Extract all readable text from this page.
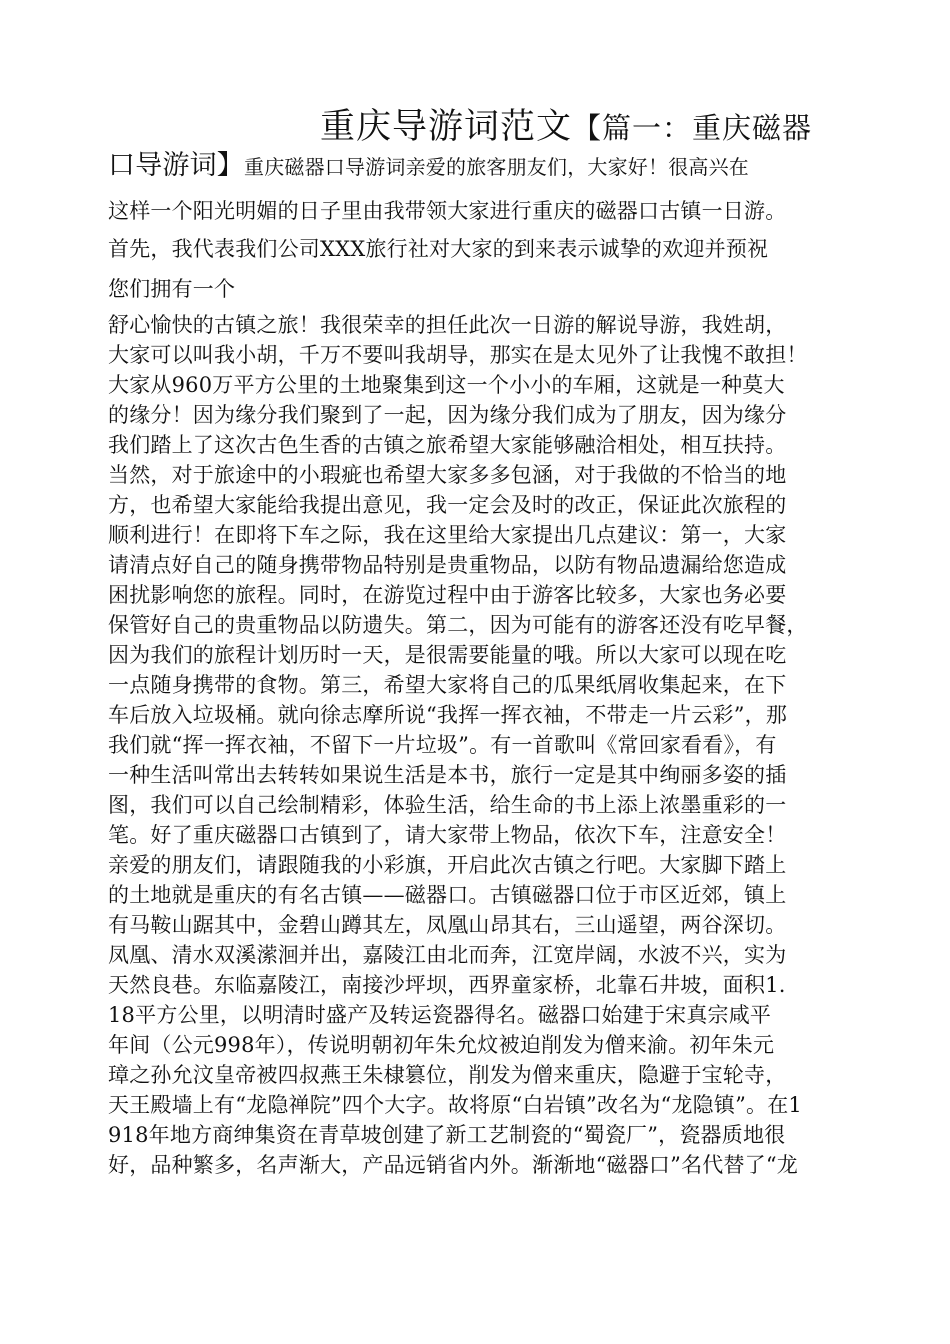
重庆导游词范文【篇一：重庆磁器
口导游词】重庆磁器口导游词亲爱的旅客朋友们，大家好！很高兴在
这样一个阳光明媚的日子里由我带领大家进行重庆的磁器口古镇一日游。
首先，我代表我们公司XXX旅行社对大家的到来表示诚挚的欢迎并预祝
您们拥有一个
舒心愉快的古镇之旅！我很荣幸的担任此次一日游的解说导游，我姓胡，
大家可以叫我小胡，千万不要叫我胡导，那实在是太见外了让我愧不敢担！
大家从960万平方公里的土地聚集到这一个小小的车厢，这就是一种莫大
的缘分！因为缘分我们聚到了一起，因为缘分我们成为了朋友，因为缘分
我们踏上了这次古色生香的古镇之旅希望大家能够融洽相处，相互扶持。
当然，对于旅途中的小瑕疵也希望大家多多包涵，对于我做的不恰当的地
方，也希望大家能给我提出意见，我一定会及时的改正，保证此次旅程的
顺利进行！在即将下车之际，我在这里给大家提出几点建议：第一，大家
请清点好自己的随身携带物品特别是贵重物品，以防有物品遗漏给您造成
困扰影响您的旅程。同时，在游览过程中由于游客比较多，大家也务必要
保管好自己的贵重物品以防遗失。第二，因为可能有的游客还没有吃早餐，
因为我们的旅程计划历时一天，是很需要能量的哦。所以大家可以现在吃
一点随身携带的食物。第三，希望大家将自己的瓜果纸屑收集起来，在下
车后放入垃圾桶。就向徐志摩所说“我挥一挥衣袖，不带走一片云彩”，那
我们就“挥一挥衣袖，不留下一片垃圾”。有一首歌叫《常回家看看》，有
一种生活叫常出去转转如果说生活是本书，旅行一定是其中绚丽多姿的插
图，我们可以自己绘制精彩，体验生活，给生命的书上添上浓墨重彩的一
笔。好了重庆磁器口古镇到了，请大家带上物品，依次下车，注意安全！
亲爱的朋友们，请跟随我的小彩旗，开启此次古镇之行吧。大家脚下踏上
的土地就是重庆的有名古镇——磁器口。古镇磁器口位于市区近郊，镇上
有马鞍山踞其中，金碧山蹲其左，凤凰山昂其右，三山遥望，两谷深切。
凤凰、清水双溪潆洄并出，嘉陵江由北而奔，江宽岸阔，水波不兴，实为
天然良巷。东临嘉陵江，南接沙坪坝，西界童家桥，北靠石井坡，面积1.
18平方公里，以明清时盛产及转运瓷器得名。磁器口始建于宋真宗咸平
年间（公元998年），传说明朝初年朱允炆被迫削发为僧来渝。初年朱元
璋之孙允汶皇帝被四叔燕王朱棣篡位，削发为僧来重庆，隐避于宝轮寺，
天王殿墙上有“龙隐禅院”四个大字。故将原“白岩镇”改名为“龙隐镇”。在1
918年地方商绅集资在青草坡创建了新工艺制瓷的“蜀瓷厂”，瓷器质地很
好，品种繁多，名声渐大，产品远销省内外。渐渐地“磁器口”名代替了“龙
